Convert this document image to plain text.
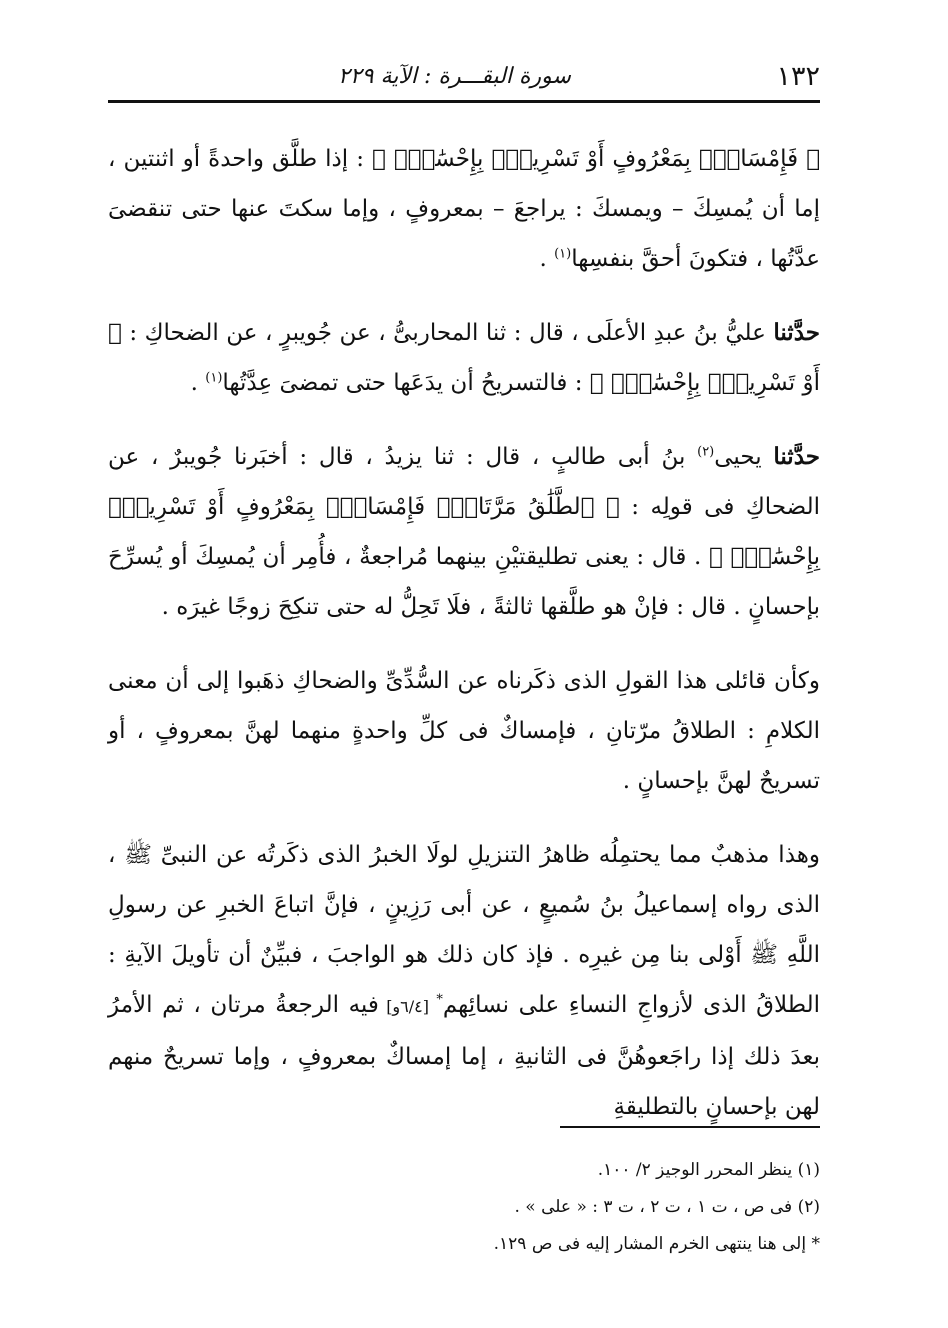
١٣٢
سورة البقـــرة : الآية ٢٢٩

﴿ فَإِمْسَاكُۢ بِمَعْرُوفٍ أَوْ تَسْرِيحُۢ بِإِحْسَٰنٍۗ ﴾ : إذا طلَّق واحدةً أو اثنتين ، إما أن يُمسِكَ – ويمسكَ : يراجعَ – بمعروفٍ ، وإما سكتَ عنها حتى تنقضىَ عدَّتُها ، فتكونَ أحقَّ بنفسِها$^{(١)}$ .

حدَّثنا عليُّ بنُ عبدِ الأعلَى ، قال : ثنا المحاربىُّ ، عن جُويبرٍ ، عن الضحاكِ : ﴿ أَوْ تَسْرِيحُۢ بِإِحْسَٰنٍۗ ﴾ : فالتسريحُ أن يدَعَها حتى تمضىَ عِدَّتُها$^{(١)}$ .

حدَّثنا يحيى$^{(٢)}$ بنُ أبى طالبٍ ، قال : ثنا يزيدُ ، قال : أخبَرنا جُويبرٌ ، عن الضحاكِ فى قولِه : ﴿ ٱلطَّلَٰقُ مَرَّتَانِۖ فَإِمْسَاكُۢ بِمَعْرُوفٍ أَوْ تَسْرِيحُۢ بِإِحْسَٰنٍۗ ﴾ . قال : يعنى تطليقتيْنِ بينهما مُراجعةٌ ، فأُمِر أن يُمسِكَ أو يُسرِّحَ بإحسانٍ . قال : فإنْ هو طلَّقها ثالثةً ، فلَا تَحِلُّ له حتى تنكِحَ زوجًا غيرَه .

وكأن قائلى هذا القولِ الذى ذكَرناه عن السُّدِّىِّ والضحاكِ ذهَبوا إلى أن معنى الكلامِ : الطلاقُ مرّتانِ ، فإمساكٌ فى كلِّ واحدةٍ منهما لهنَّ بمعروفٍ ، أو تسريحٌ لهنَّ بإحسانٍ .

وهذا مذهبٌ مما يحتمِلُه ظاهرُ التنزيلِ لولَا الخبرُ الذى ذكَرتُه عن النبىِّ ﷺ ، الذى رواه إسماعيلُ بنُ سُميعٍ ، عن أبى رَزِينٍ ، فإنَّ اتباعَ الخبرِ عن رسولِ اللَّهِ ﷺ أَوْلى بنا مِن غيرِه . فإذ كان ذلك هو الواجبَ ، فبيِّنٌ أن تأويلَ الآيةِ : الطلاقُ الذى لأزواجِ النساءِ على نسائِهم* [٦/٤و] فيه الرجعةُ مرتان ، ثم الأمرُ بعدَ ذلك إذا راجَعوهُنَّ فى الثانيةِ ، إما إمساكٌ بمعروفٍ ، وإما تسريحٌ منهم لهن بإحسانٍ بالتطليقةِ

(١) ينظر المحرر الوجيز ٢/ ١٠٠.
(٢) فى ص ، ت ١ ، ت ٢ ، ت ٣ : « على » .
* إلى هنا ينتهى الخرم المشار إليه فى ص ١٢٩.
